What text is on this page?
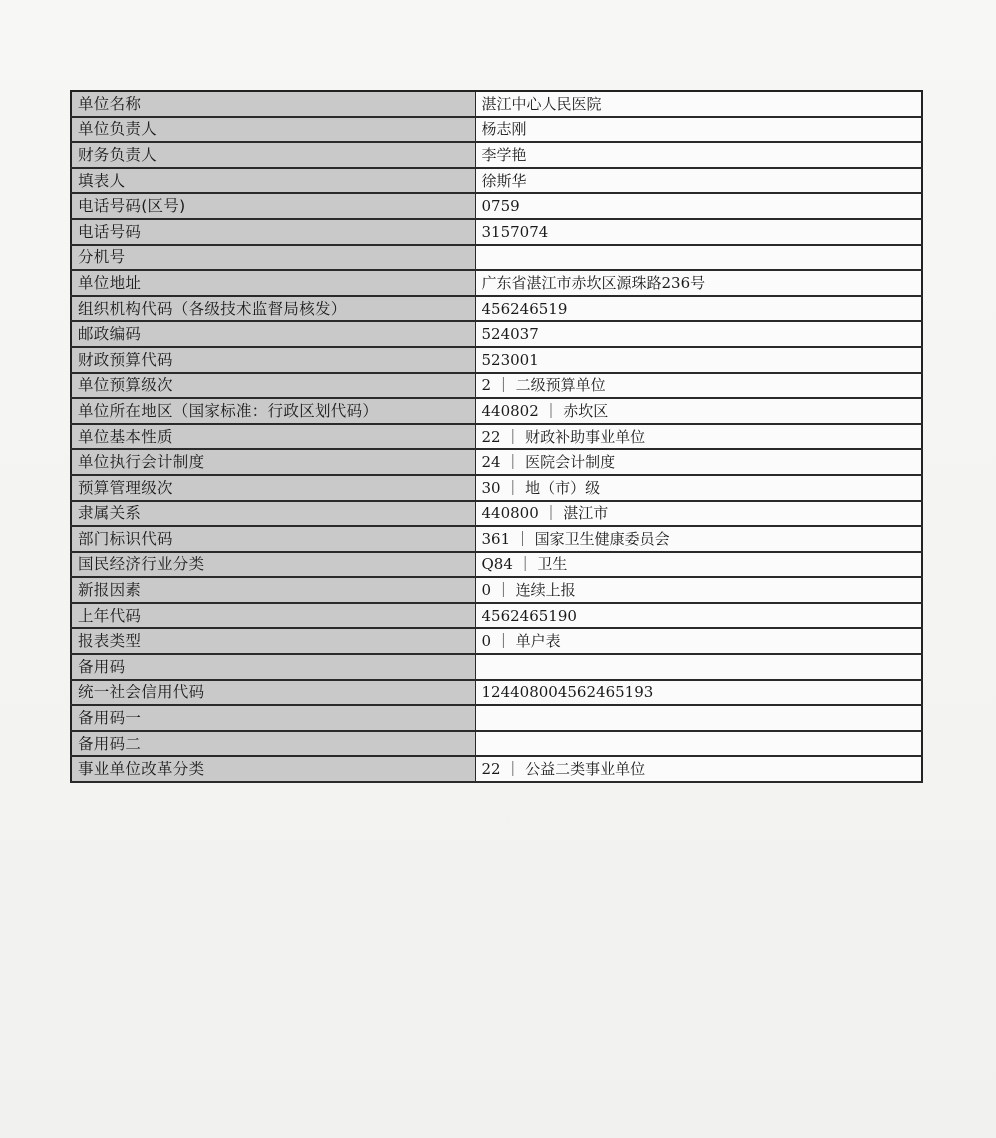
单位名称	湛江中心人民医院
单位负责人	杨志刚
财务负责人	李学艳
填表人	徐斯华
电话号码(区号)	0759
电话号码	3157074
分机号	
单位地址	广东省湛江市赤坎区源珠路236号
组织机构代码（各级技术监督局核发）	456246519
邮政编码	524037
财政预算代码	523001
单位预算级次	2 ｜ 二级预算单位
单位所在地区（国家标准：行政区划代码）	440802 ｜ 赤坎区
单位基本性质	22 ｜ 财政补助事业单位
单位执行会计制度	24 ｜ 医院会计制度
预算管理级次	30 ｜ 地（市）级
隶属关系	440800 ｜ 湛江市
部门标识代码	361 ｜ 国家卫生健康委员会
国民经济行业分类	Q84 ｜ 卫生
新报因素	0 ｜ 连续上报
上年代码	4562465190
报表类型	0 ｜ 单户表
备用码	
统一社会信用代码	124408004562465193
备用码一	
备用码二	
事业单位改革分类	22 ｜ 公益二类事业单位
